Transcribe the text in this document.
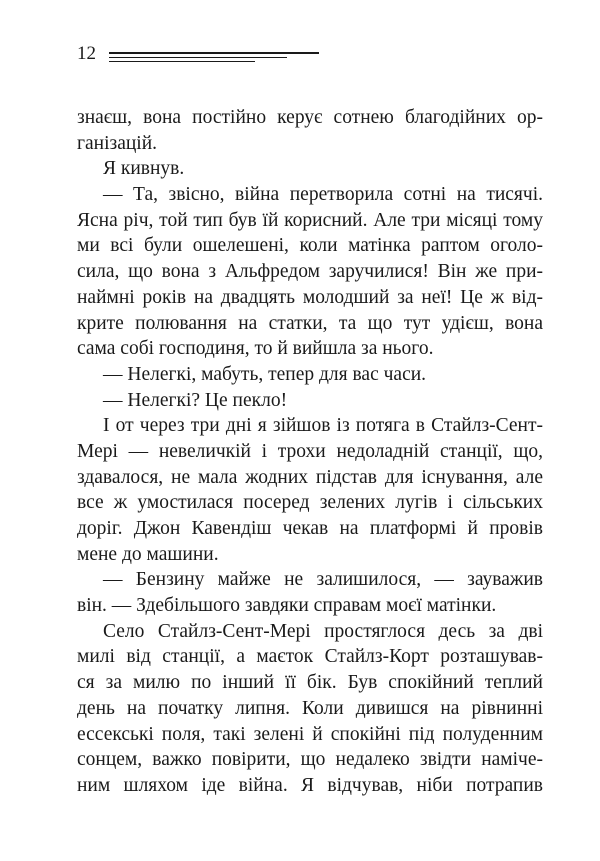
12
знаєш, вона постійно керує сотнею благодійних ор-
ганізацій.
Я кивнув.
— Та, звісно, війна перетворила сотні на тисячі.
Ясна річ, той тип був їй корисний. Але три місяці тому
ми всі були ошелешені, коли матінка раптом оголо-
сила, що вона з Альфредом заручилися! Він же при-
наймні років на двадцять молодший за неї! Це ж від-
крите полювання на статки, та що тут удієш, вона
сама собі господиня, то й вийшла за нього.
— Нелегкі, мабуть, тепер для вас часи.
— Нелегкі? Це пекло!
І от через три дні я зійшов із потяга в Стайлз-Сент-
Мері — невеличкій і трохи недоладній станції, що,
здавалося, не мала жодних підстав для існування, але
все ж умостилася посеред зелених лугів і сільських
доріг. Джон Кавендіш чекав на платформі й провів
мене до машини.
— Бензину майже не залишилося, — зауважив
він. — Здебільшого завдяки справам моєї матінки.
Село Стайлз-Сент-Мері простяглося десь за дві
милі від станції, а маєток Стайлз-Корт розташував-
ся за милю по інший її бік. Був спокійний теплий
день на початку липня. Коли дивишся на рівнинні
ессекські поля, такі зелені й спокійні під полуденним
сонцем, важко повірити, що недалеко звідти наміче-
ним шляхом іде війна. Я відчував, ніби потрапив
